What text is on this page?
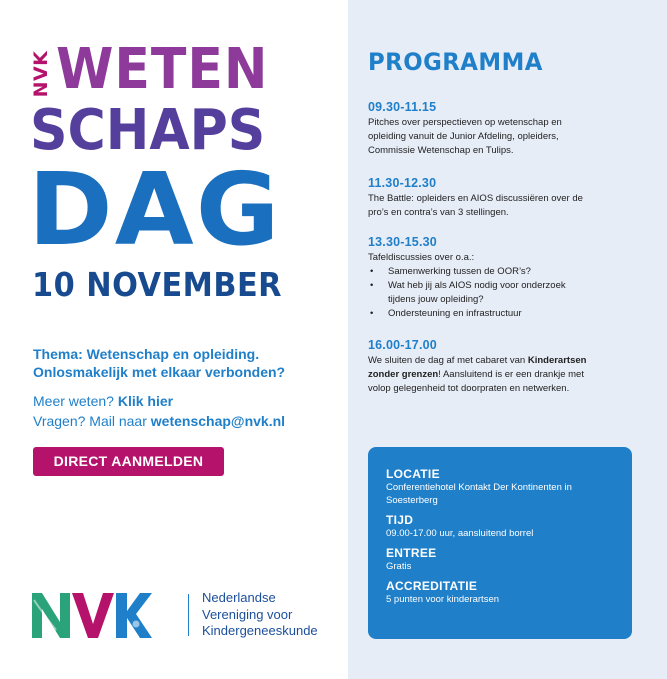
NVK WETEN
SCHAPS
DAG
10 NOVEMBER
Thema: Wetenschap en opleiding. Onlosmakelijk met elkaar verbonden?
Meer weten? Klik hier
Vragen? Mail naar wetenschap@nvk.nl
DIRECT AANMELDEN
Nederlandse
Vereniging voor
Kindergeneeskunde
PROGRAMMA
09.30-11.15
Pitches over perspectieven op wetenschap en opleiding vanuit de Junior Afdeling, opleiders, Commissie Wetenschap en Tulips.
11.30-12.30
The Battle: opleiders en AIOS discussiëren over de pro’s en contra’s van 3 stellingen.
13.30-15.30
Tafeldiscussies over o.a.:
• Samenwerking tussen de OOR’s?
• Wat heb jij als AIOS nodig voor onderzoek tijdens jouw opleiding?
• Ondersteuning en infrastructuur
16.00-17.00
We sluiten de dag af met cabaret van Kinderartsen zonder grenzen! Aansluitend is er een drankje met volop gelegenheid tot doorpraten en netwerken.
LOCATIE
Conferentiehotel Kontakt Der Kontinenten in Soesterberg
TIJD
09.00-17.00 uur, aansluitend borrel
ENTREE
Gratis
ACCREDITATIE
5 punten voor kinderartsen
